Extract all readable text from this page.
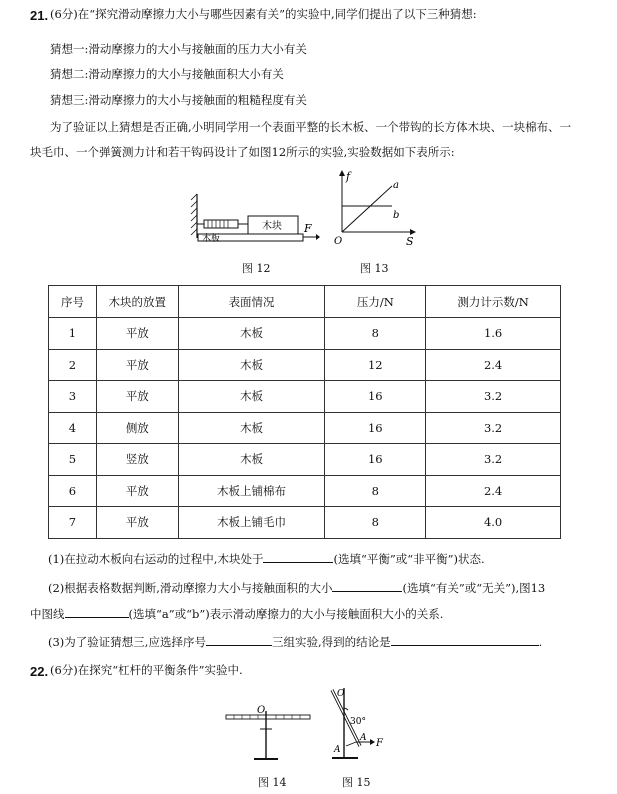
21. (6分)在“探究滑动摩擦力大小与哪些因素有关”的实验中,同学们提出了以下三种猜想:
猜想一:滑动摩擦力的大小与接触面的压力大小有关
猜想二:滑动摩擦力的大小与接触面积大小有关
猜想三:滑动摩擦力的大小与接触面的粗糙程度有关
为了验证以上猜想是否正确,小明同学用一个表面平整的长木板、一个带钩的长方体木块、一块棉布、一
块毛巾、一个弹簧测力计和若干钩码设计了如图12所示的实验,实验数据如下表所示:
木块
木板
F
图 12
f
S
O
a
b
图 13
序号	木块的放置	表面情况	压力/N	测力计示数/N
1	平放	木板	8	1.6
2	平放	木板	12	2.4
3	平放	木板	16	3.2
4	侧放	木板	16	3.2
5	竖放	木板	16	3.2
6	平放	木板上铺棉布	8	2.4
7	平放	木板上铺毛巾	8	4.0
(1)在拉动木板向右运动的过程中,木块处于	(选填“平衡”或“非平衡”)状态.
(2)根据表格数据判断,滑动摩擦力大小与接触面积的大小	(选填“有关”或“无关”),图13
中图线	(选填“a”或“b”)表示滑动摩擦力的大小与接触面积大小的关系.
(3)为了验证猜想三,应选择序号	三组实验,得到的结论是	.
22. (6分)在探究“杠杆的平衡条件”实验中.
O
图 14
O
30°
A
A
F
图 15
